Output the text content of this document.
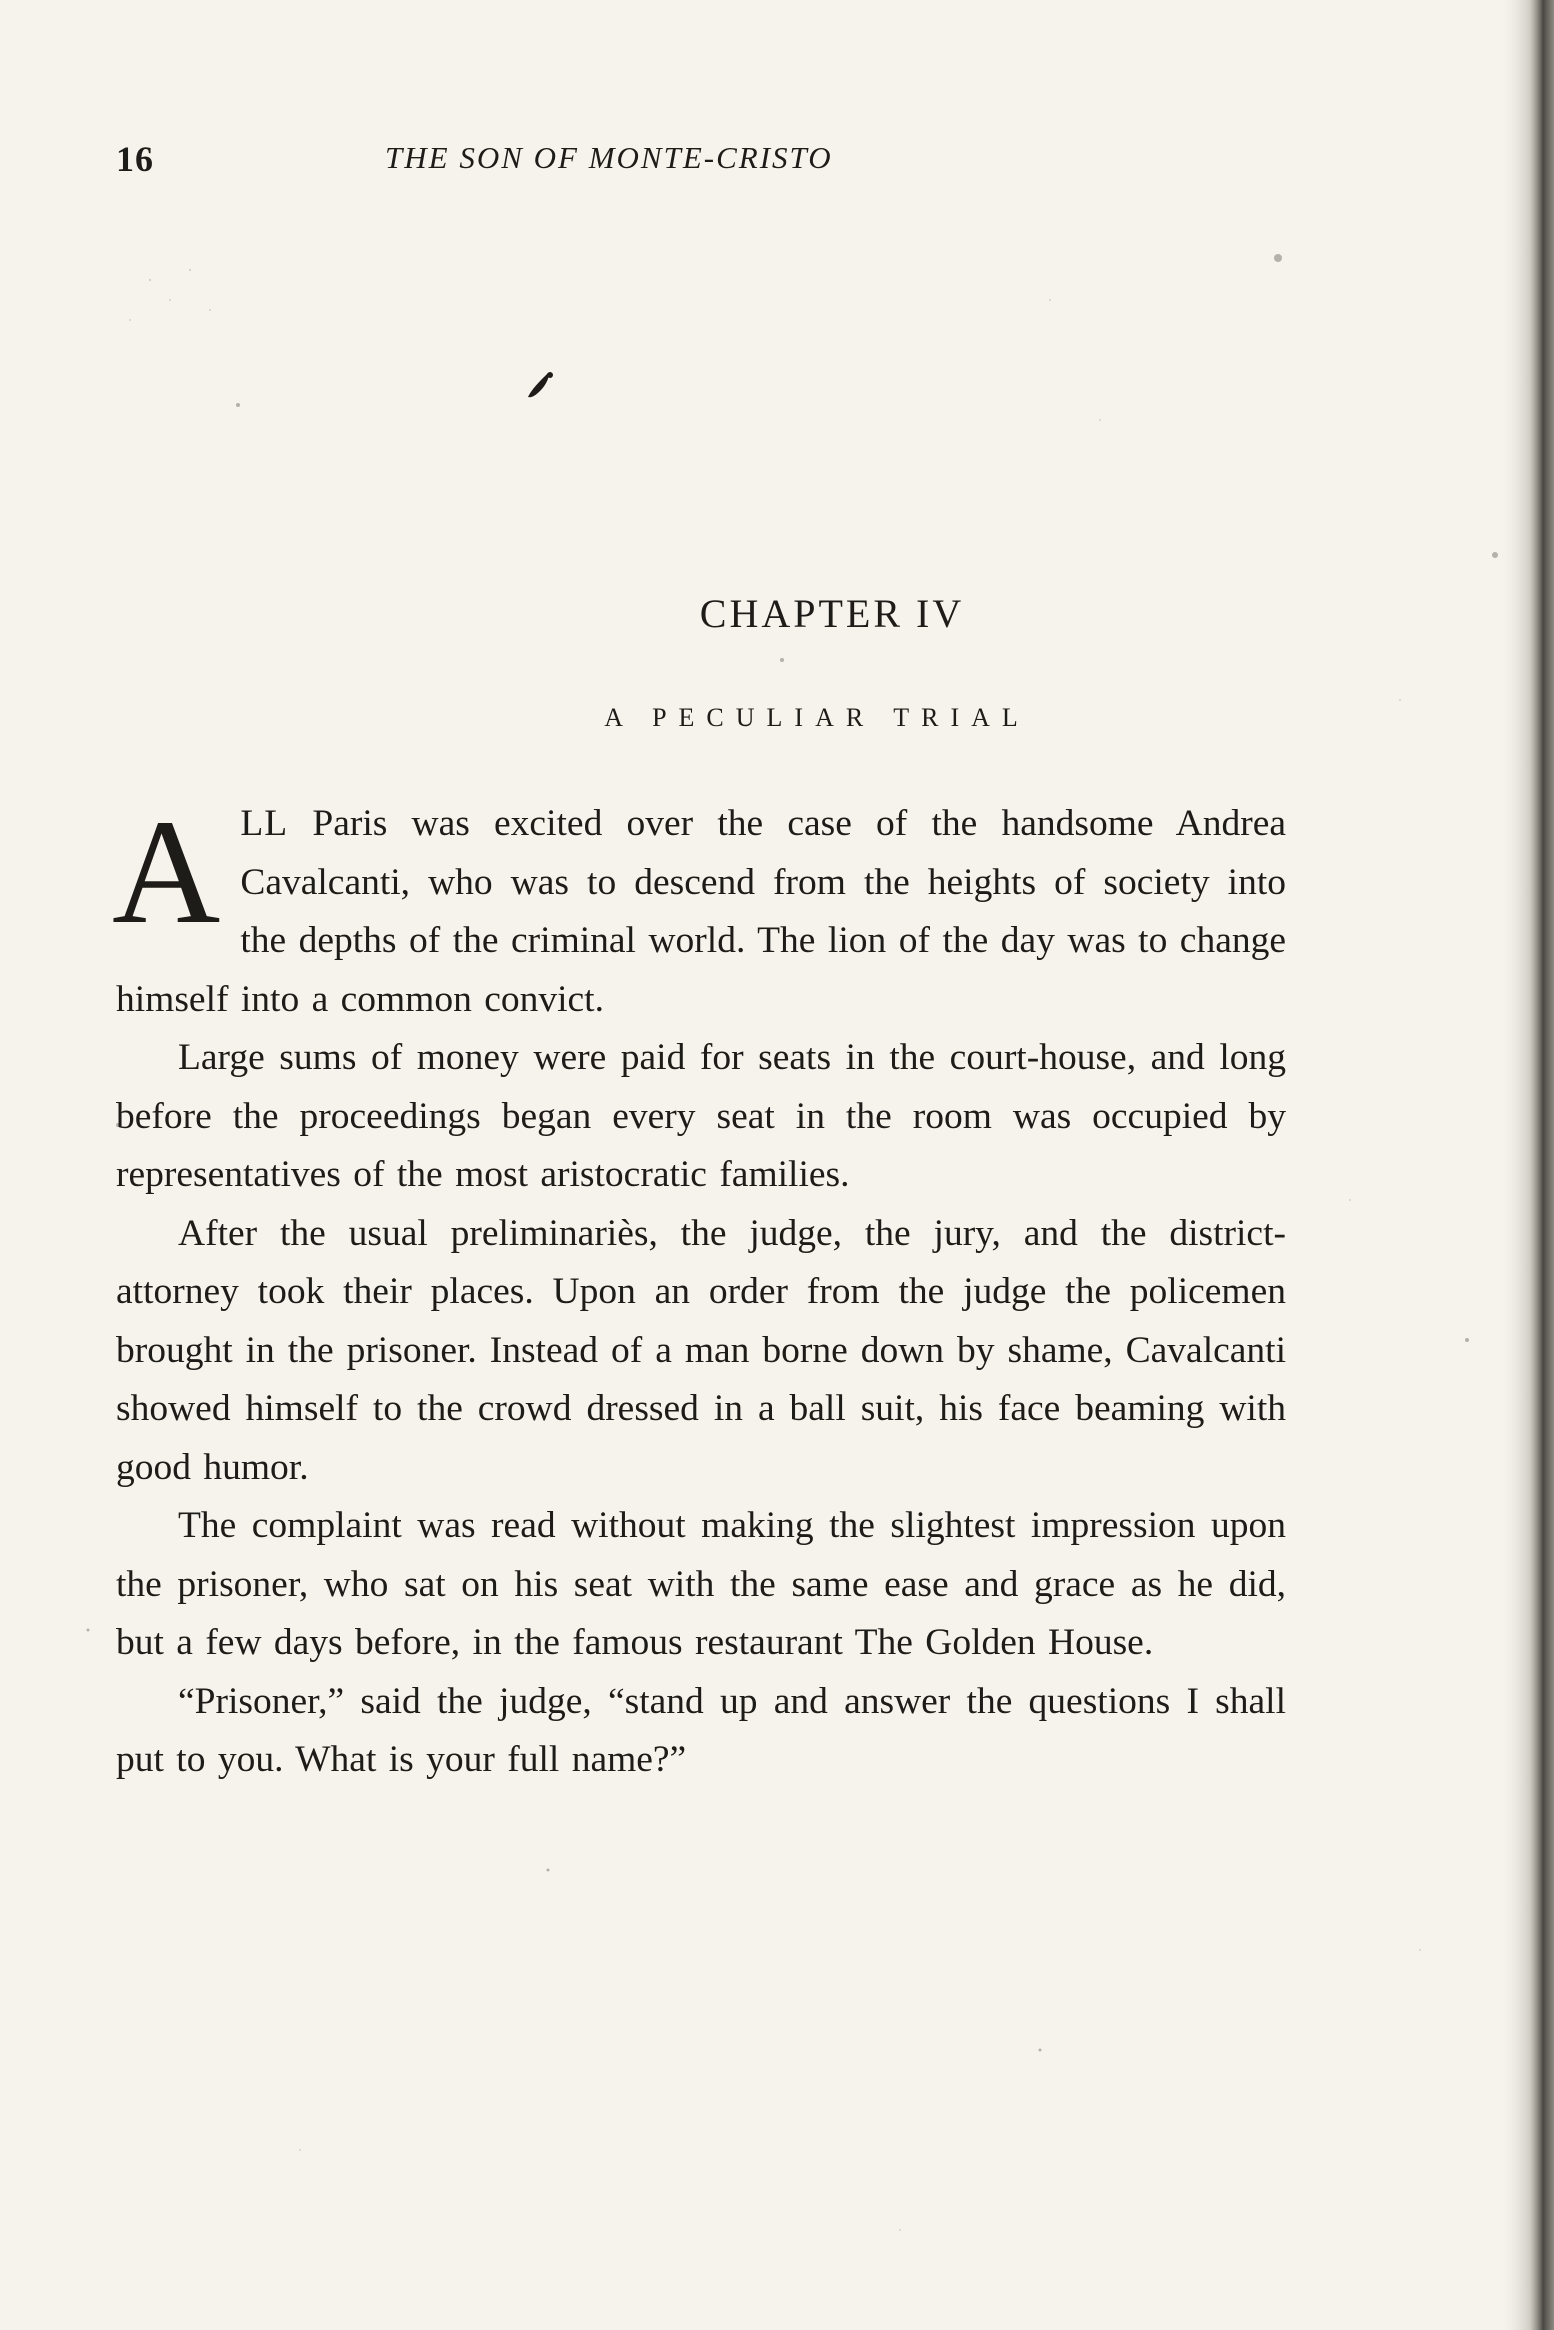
16	THE SON OF MONTE-CRISTO
CHAPTER IV
A PECULIAR TRIAL

ALL Paris was excited over the case of the handsome Andrea Cavalcanti, who was to descend from the heights of society into the depths of the criminal world. The lion of the day was to change himself into a common convict.

Large sums of money were paid for seats in the court-house, and long before the proceedings began every seat in the room was occupied by representatives of the most aristocratic families.

After the usual preliminariès, the judge, the jury, and the district-attorney took their places. Upon an order from the judge the policemen brought in the prisoner. Instead of a man borne down by shame, Cavalcanti showed himself to the crowd dressed in a ball suit, his face beaming with good humor.

The complaint was read without making the slightest impression upon the prisoner, who sat on his seat with the same ease and grace as he did, but a few days before, in the famous restaurant The Golden House.

“Prisoner,” said the judge, “stand up and answer the questions I shall put to you. What is your full name?”
